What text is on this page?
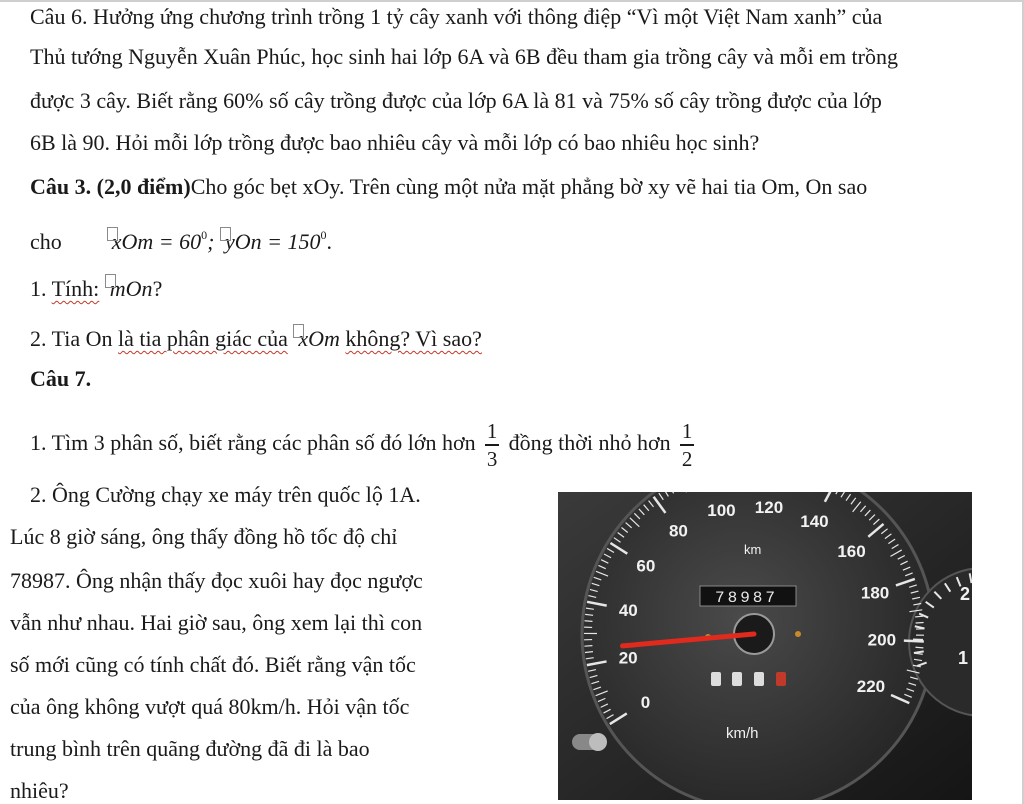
Câu 6. Hưởng ứng chương trình trồng 1 tỷ cây xanh với thông điệp “Vì một Việt Nam xanh” của
Thủ tướng Nguyễn Xuân Phúc, học sinh hai lớp 6A và 6B đều tham gia trồng cây và mỗi em trồng
được 3 cây. Biết rằng 60% số cây trồng được của lớp 6A là 81 và 75% số cây trồng được của lớp
6B là 90. Hỏi mỗi lớp trồng được bao nhiêu cây và mỗi lớp có bao nhiêu học sinh?
Câu 3. (2,0 điểm)Cho góc bẹt xOy. Trên cùng một nửa mặt phẳng bờ xy vẽ hai tia Om, On sao
cho xOm = $60^0$; yOn = $150^0$.
1. Tính: mOn?
2. Tia On là tia phân giác của xOm không? Vì sao?
Câu 7.
1. Tìm 3 phân số, biết rằng các phân số đó lớn hơn $\frac{1}{3}$ đồng thời nhỏ hơn $\frac{1}{2}$
2. Ông Cường chạy xe máy trên quốc lộ 1A.
Lúc 8 giờ sáng, ông thấy đồng hồ tốc độ chỉ
78987. Ông nhận thấy đọc xuôi hay đọc ngược
vẫn như nhau. Hai giờ sau, ông xem lại thì con
số mới cũng có tính chất đó. Biết rằng vận tốc
của ông không vượt quá 80km/h. Hỏi vận tốc
trung bình trên quãng đường đã đi là bao
nhiêu?
2
1
0
20
40
60
80
100 120
140
160
180
200
220
km
km/h
78987
